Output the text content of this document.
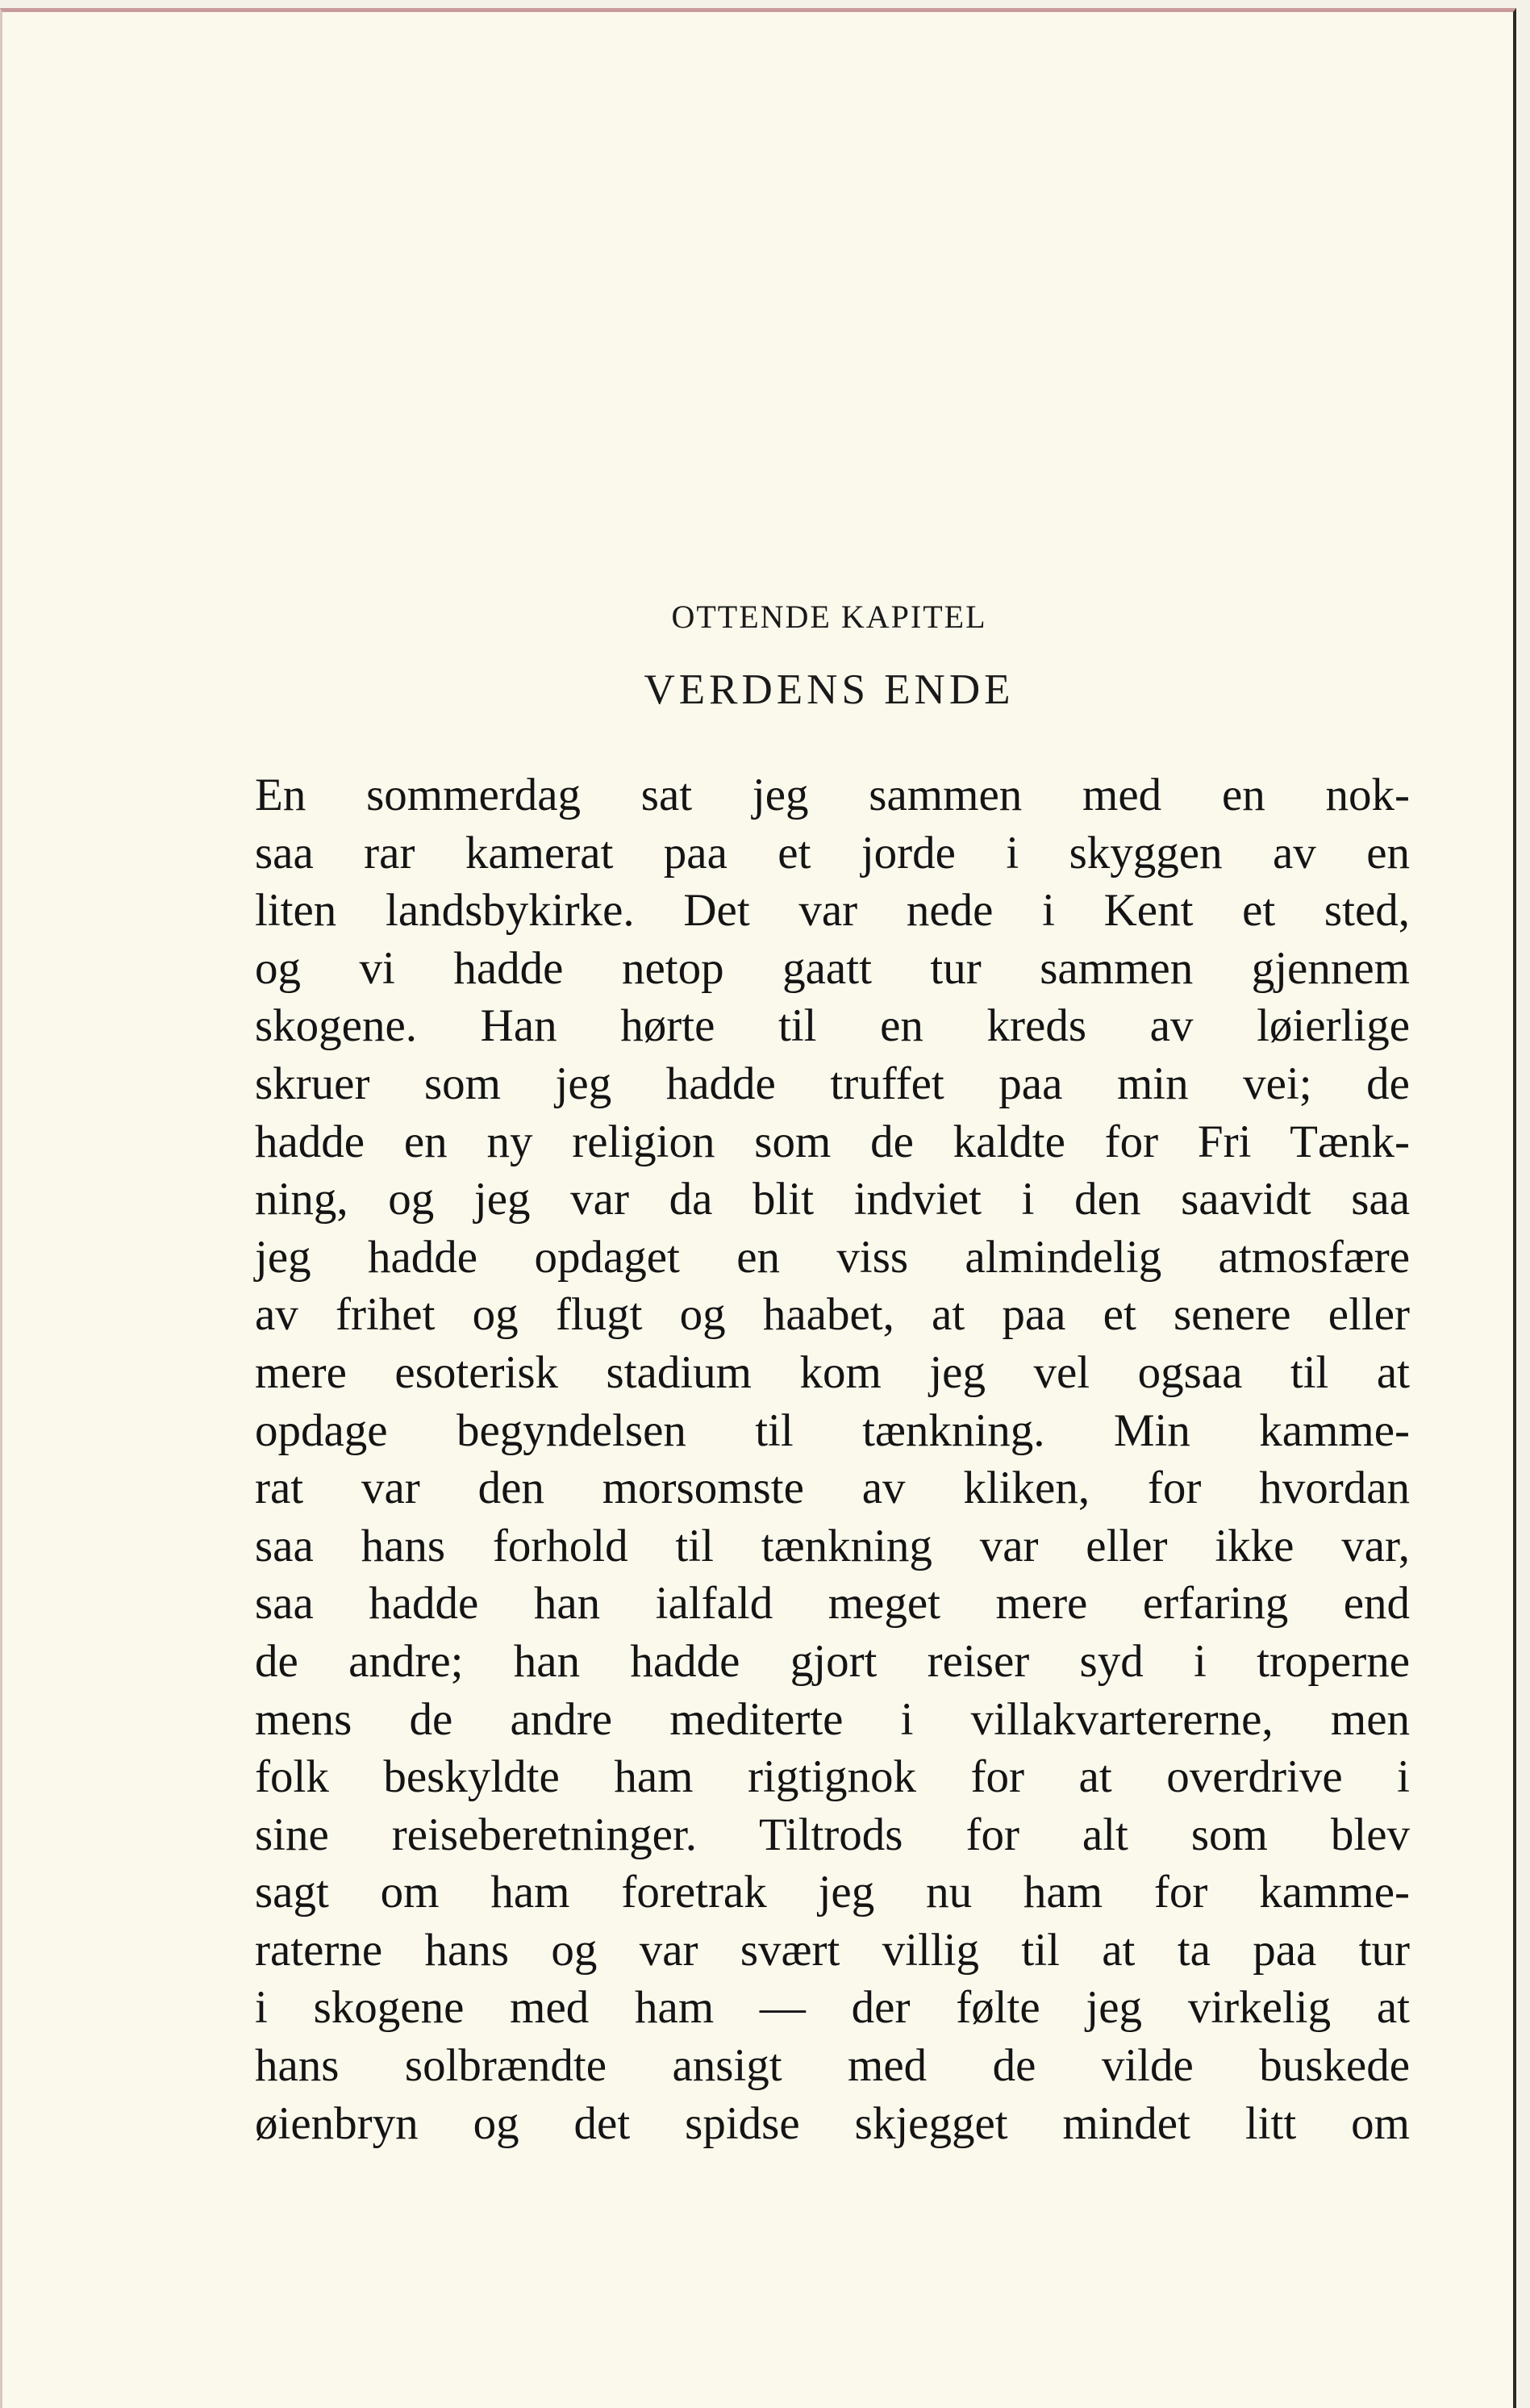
OTTENDE KAPITEL
VERDENS ENDE
En sommerdag sat jeg sammen med en nok-
saa rar kamerat paa et jorde i skyggen av en
liten landsbykirke. Det var nede i Kent et sted,
og vi hadde netop gaatt tur sammen gjennem
skogene. Han hørte til en kreds av løierlige
skruer som jeg hadde truffet paa min vei; de
hadde en ny religion som de kaldte for Fri Tænk-
ning, og jeg var da blit indviet i den saavidt saa
jeg hadde opdaget en viss almindelig atmosfære
av frihet og flugt og haabet, at paa et senere eller
mere esoterisk stadium kom jeg vel ogsaa til at
opdage begyndelsen til tænkning. Min kamme-
rat var den morsomste av kliken, for hvordan
saa hans forhold til tænkning var eller ikke var,
saa hadde han ialfald meget mere erfaring end
de andre; han hadde gjort reiser syd i troperne
mens de andre mediterte i villakvartererne, men
folk beskyldte ham rigtignok for at overdrive i
sine reiseberetninger. Tiltrods for alt som blev
sagt om ham foretrak jeg nu ham for kamme-
raterne hans og var svært villig til at ta paa tur
i skogene med ham — der følte jeg virkelig at
hans solbrændte ansigt med de vilde buskede
øienbryn og det spidse skjegget mindet litt om
